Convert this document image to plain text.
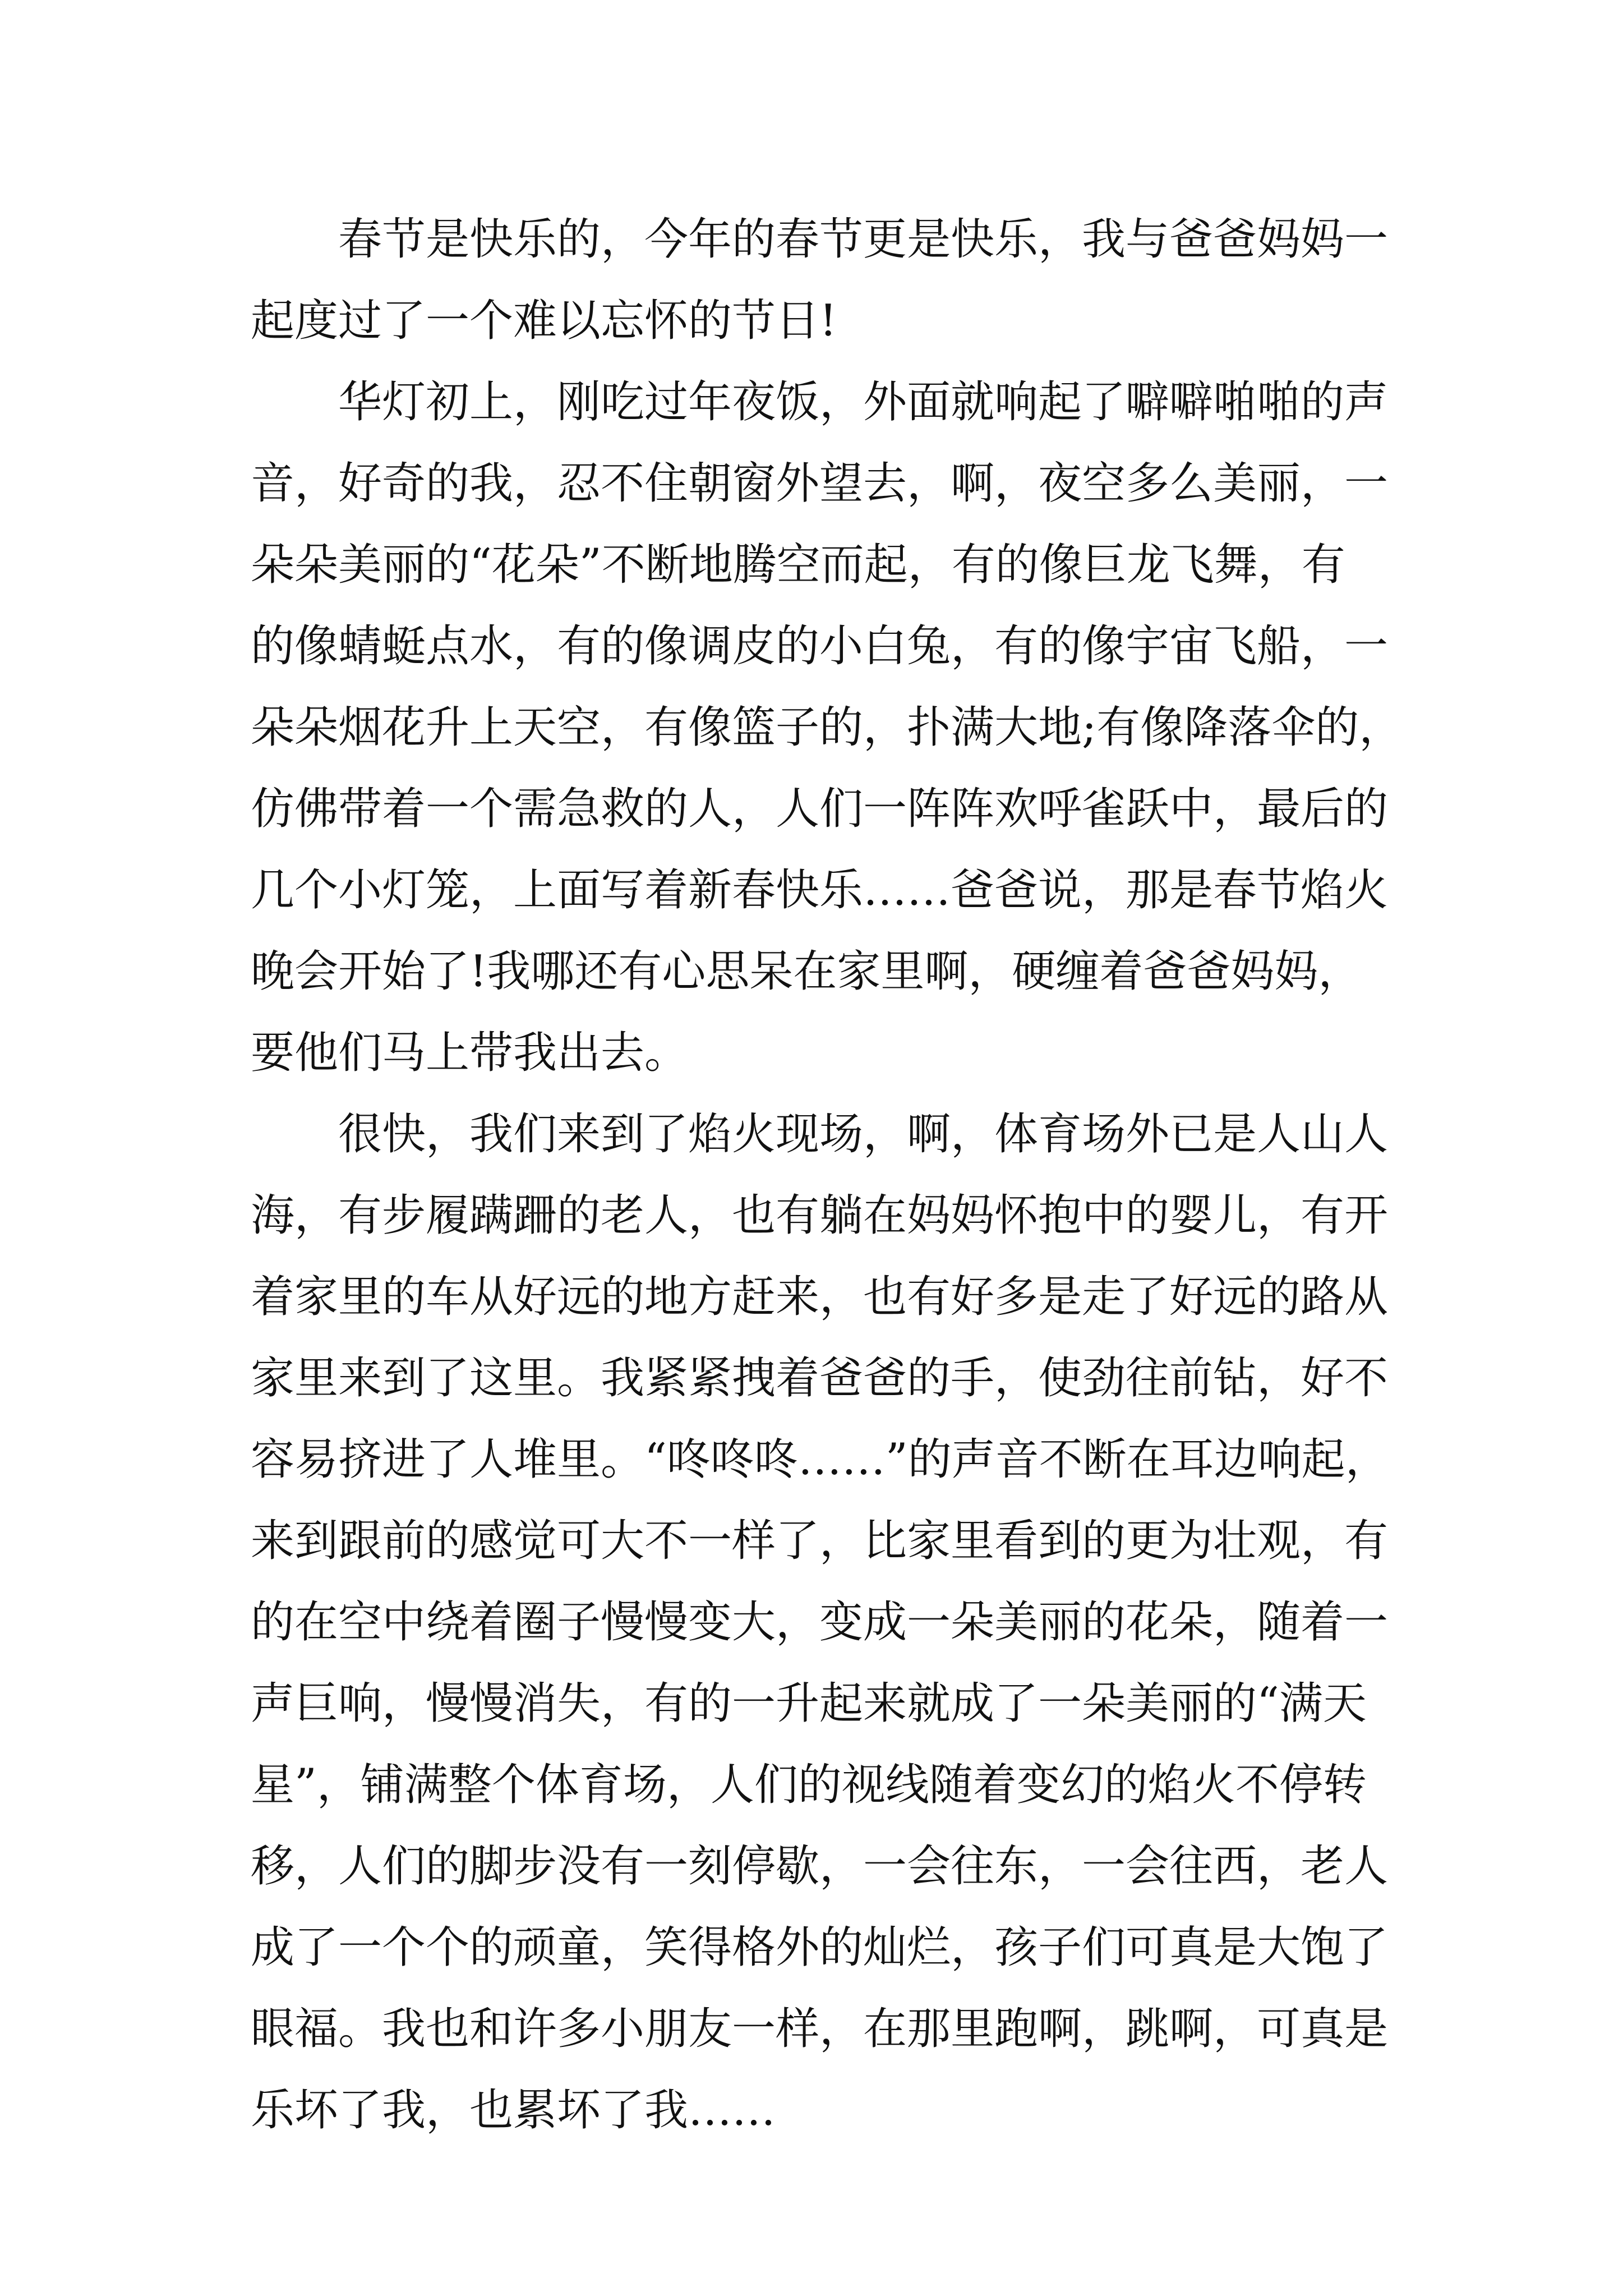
春节是快乐的，今年的春节更是快乐，我与爸爸妈妈一
起度过了一个难以忘怀的节日!

华灯初上，刚吃过年夜饭，外面就响起了噼噼啪啪的声
音，好奇的我，忍不住朝窗外望去，啊，夜空多么美丽，一
朵朵美丽的“花朵”不断地腾空而起，有的像巨龙飞舞，有
的像蜻蜓点水，有的像调皮的小白兔，有的像宇宙飞船，一
朵朵烟花升上天空，有像篮子的，扑满大地;有像降落伞的，
仿佛带着一个需急救的人，人们一阵阵欢呼雀跃中，最后的
几个小灯笼，上面写着新春快乐……爸爸说，那是春节焰火
晚会开始了!我哪还有心思呆在家里啊，硬缠着爸爸妈妈，
要他们马上带我出去。

很快，我们来到了焰火现场，啊，体育场外已是人山人
海，有步履蹒跚的老人，也有躺在妈妈怀抱中的婴儿，有开
着家里的车从好远的地方赶来，也有好多是走了好远的路从
家里来到了这里。我紧紧拽着爸爸的手，使劲往前钻，好不
容易挤进了人堆里。“咚咚咚……”的声音不断在耳边响起，
来到跟前的感觉可大不一样了，比家里看到的更为壮观，有
的在空中绕着圈子慢慢变大，变成一朵美丽的花朵，随着一
声巨响，慢慢消失，有的一升起来就成了一朵美丽的“满天
星”，铺满整个体育场，人们的视线随着变幻的焰火不停转
移，人们的脚步没有一刻停歇，一会往东，一会往西，老人
成了一个个的顽童，笑得格外的灿烂，孩子们可真是大饱了
眼福。我也和许多小朋友一样，在那里跑啊，跳啊，可真是
乐坏了我，也累坏了我……
